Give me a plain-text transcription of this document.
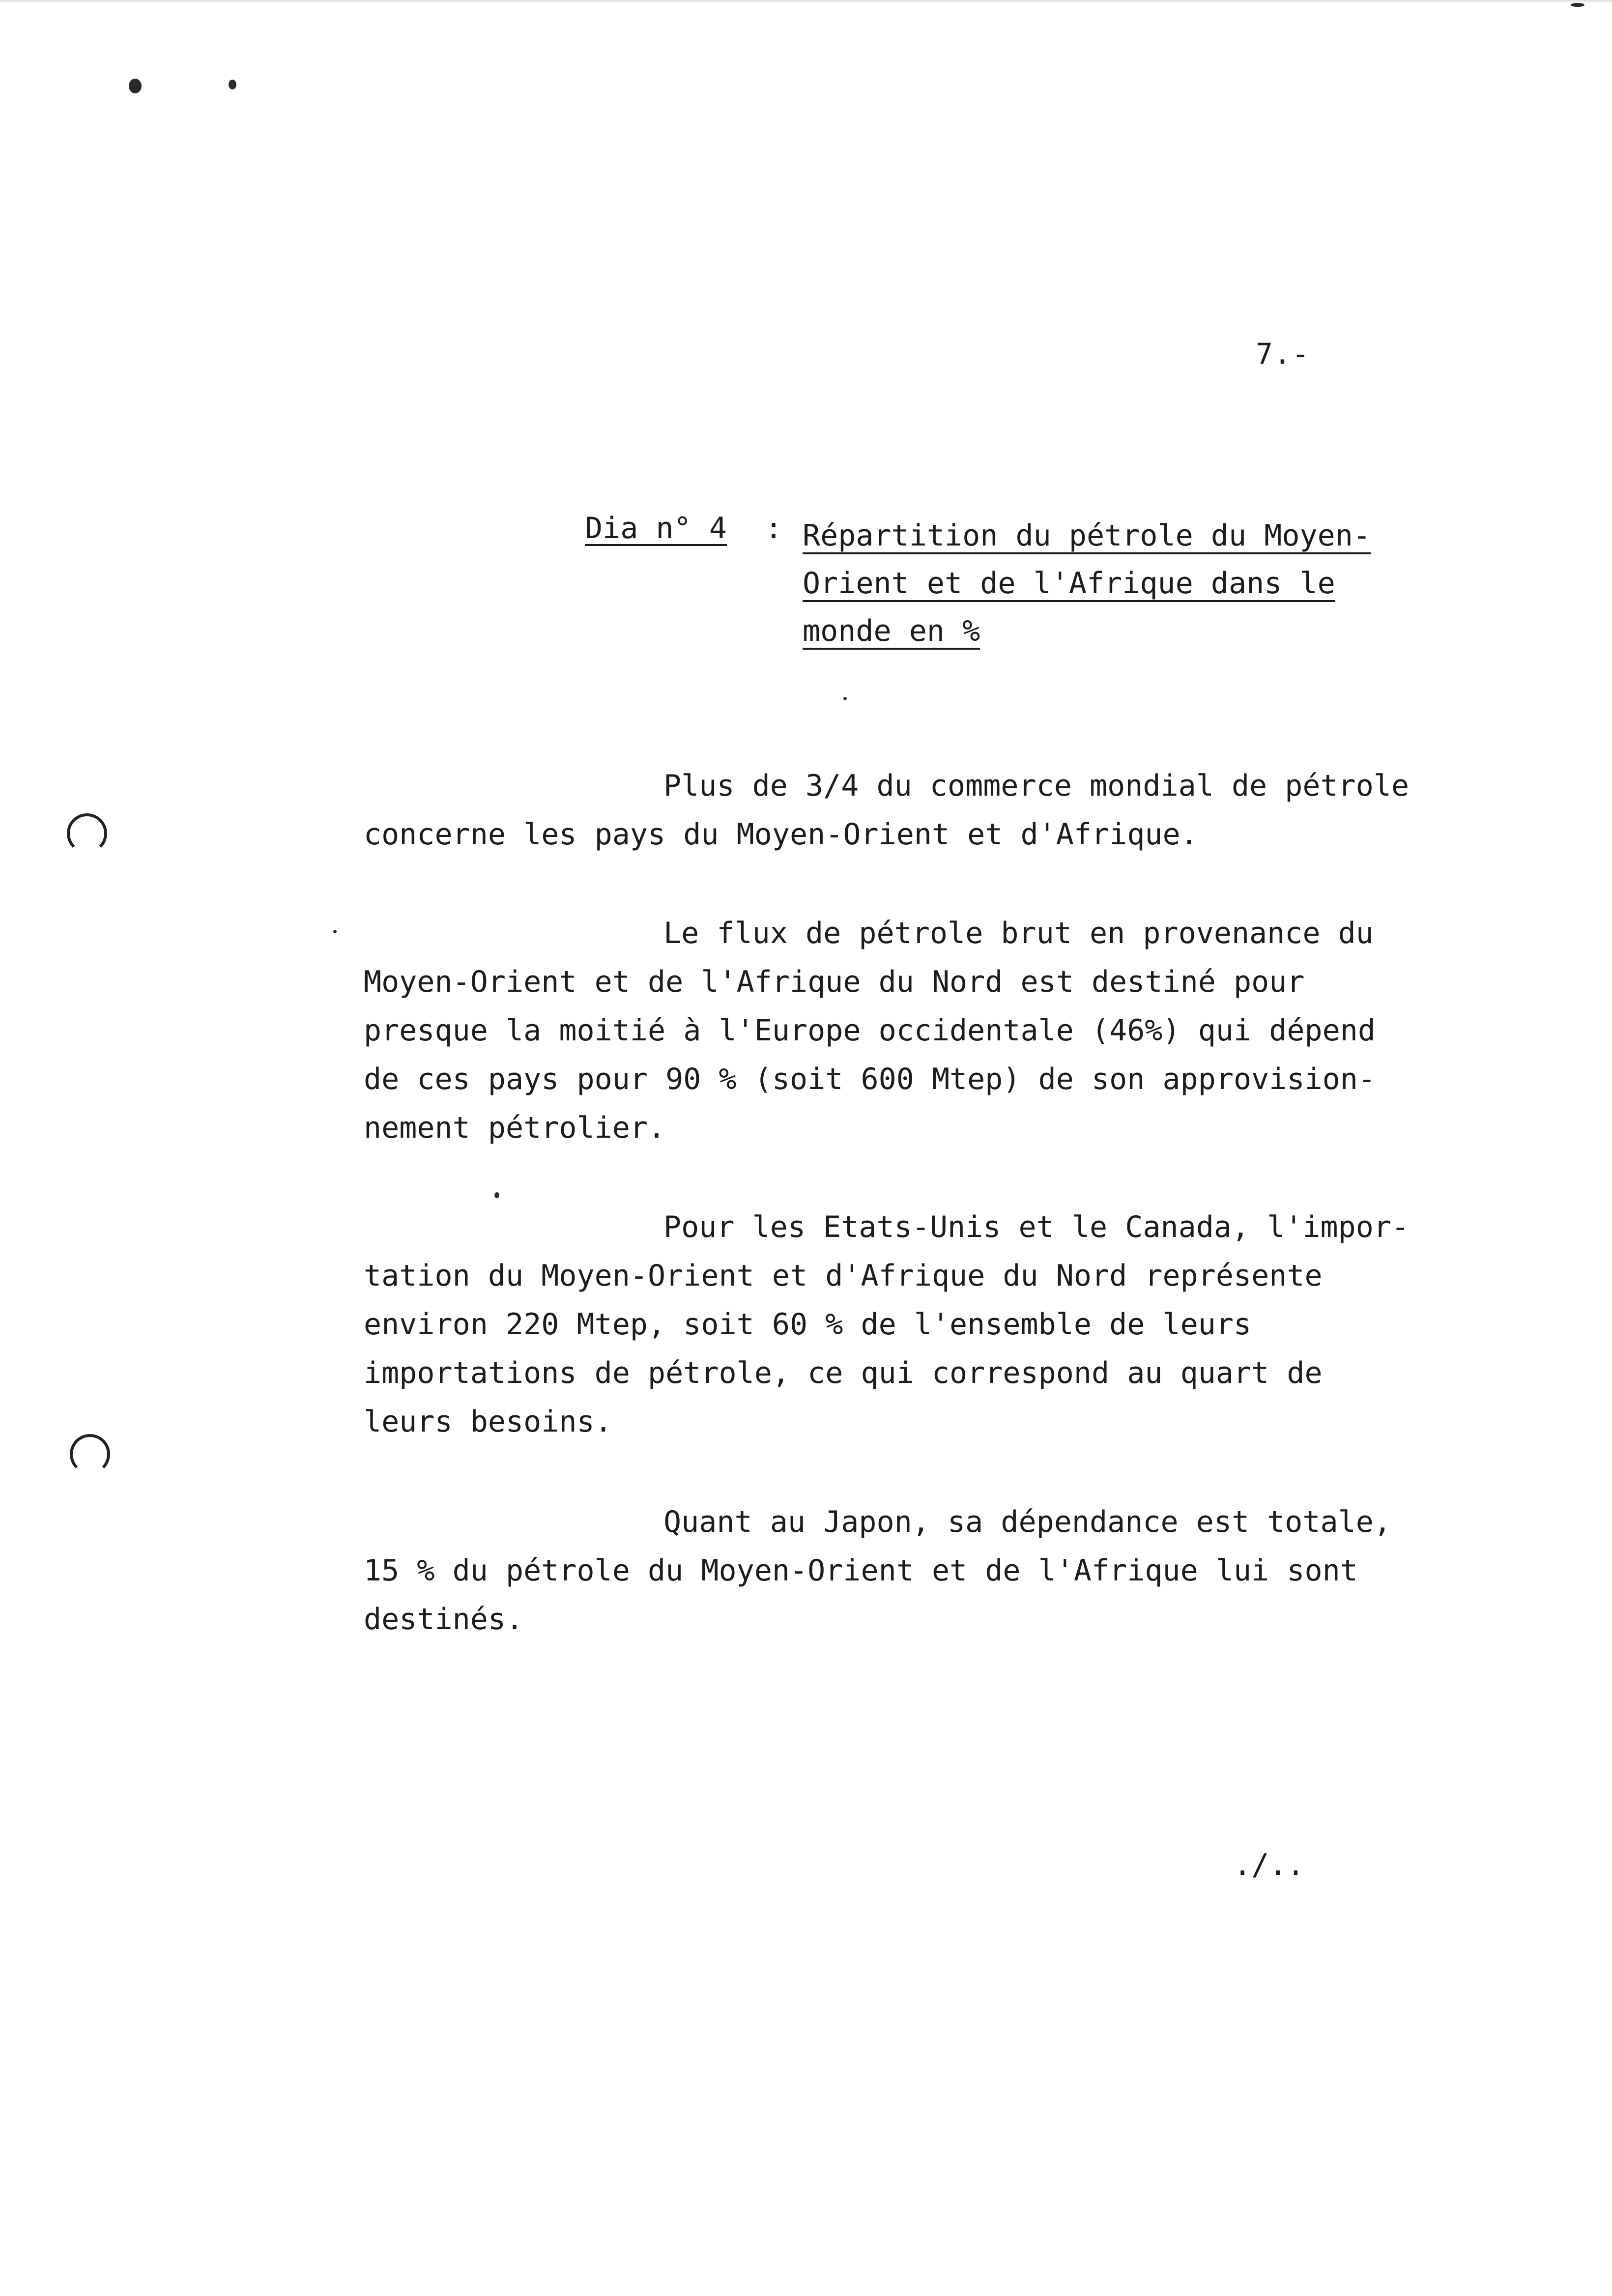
7.-
Dia n° 4 : Répartition du pétrole du Moyen-
Orient et de l'Afrique dans le
monde en %
Plus de 3/4 du commerce mondial de pétrole
concerne les pays du Moyen-Orient et d'Afrique.
Le flux de pétrole brut en provenance du
Moyen-Orient et de l'Afrique du Nord est destiné pour
presque la moitié à l'Europe occidentale (46%) qui dépend
de ces pays pour 90 % (soit 600 Mtep) de son approvision-
nement pétrolier.
Pour les Etats-Unis et le Canada, l'impor-
tation du Moyen-Orient et d'Afrique du Nord représente
environ 220 Mtep, soit 60 % de l'ensemble de leurs
importations de pétrole, ce qui correspond au quart de
leurs besoins.
Quant au Japon, sa dépendance est totale,
15 % du pétrole du Moyen-Orient et de l'Afrique lui sont
destinés.
./..
